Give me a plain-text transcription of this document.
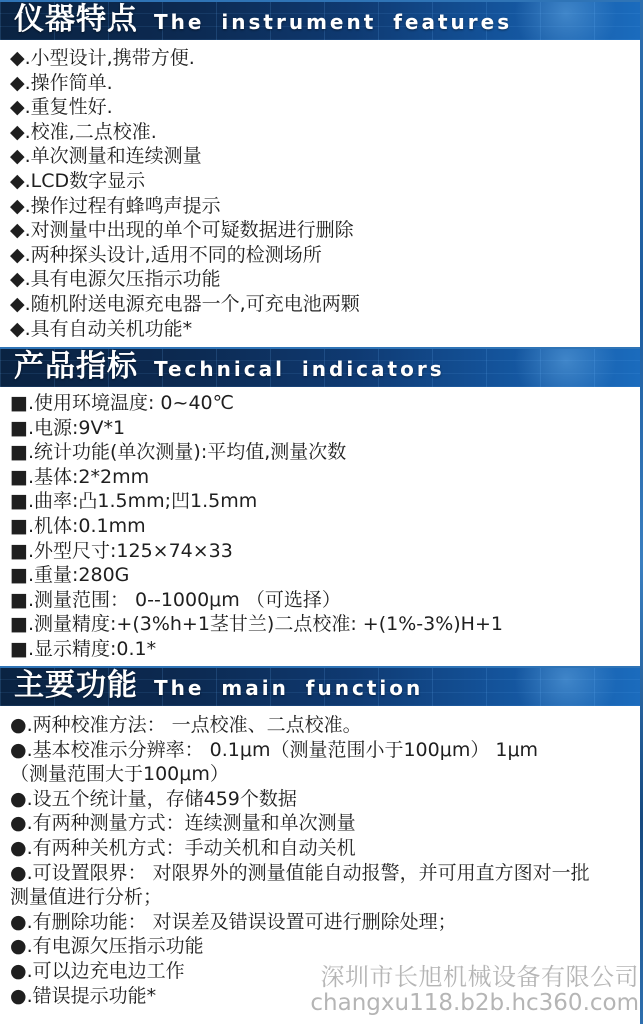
仪器特点 The instrument features
◆.小型设计,携带方便.
◆.操作简单.
◆.重复性好.
◆.校准,二点校准.
◆.单次测量和连续测量
◆.LCD数字显示
◆.操作过程有蜂鸣声提示
◆.对测量中出现的单个可疑数据进行删除
◆.两种探头设计,适用不同的检测场所
◆.具有电源欠压指示功能
◆.随机附送电源充电器一个,可充电池两颗
◆.具有自动关机功能*
产品指标 Technical indicators
■.使用环境温度: 0~40℃
■.电源:9V*1
■.统计功能(单次测量):平均值,测量次数
■.基体:2*2mm
■.曲率:凸1.5mm;凹1.5mm
■.机体:0.1mm
■.外型尺寸:125×74×33
■.重量:280G
■.测量范围： 0--1000μm （可选择）
■.测量精度:+(3%h+1茎甘兰)二点校准: +(1%-3%)H+1
■.显示精度:0.1*
主要功能 The main function
●.两种校准方法： 一点校准、二点校准。
●.基本校准示分辨率： 0.1μm（测量范围小于100μm） 1μm
（测量范围大于100μm）
●.设五个统计量，存储459个数据
●.有两种测量方式：连续测量和单次测量
●.有两种关机方式：手动关机和自动关机
●.可设置限界： 对限界外的测量值能自动报警，并可用直方图对一批
测量值进行分析；
●.有删除功能： 对误差及错误设置可进行删除处理；
●.有电源欠压指示功能
●.可以边充电边工作
●.错误提示功能*
深圳市长旭机械设备有限公司
changxu118.b2b.hc360.com
